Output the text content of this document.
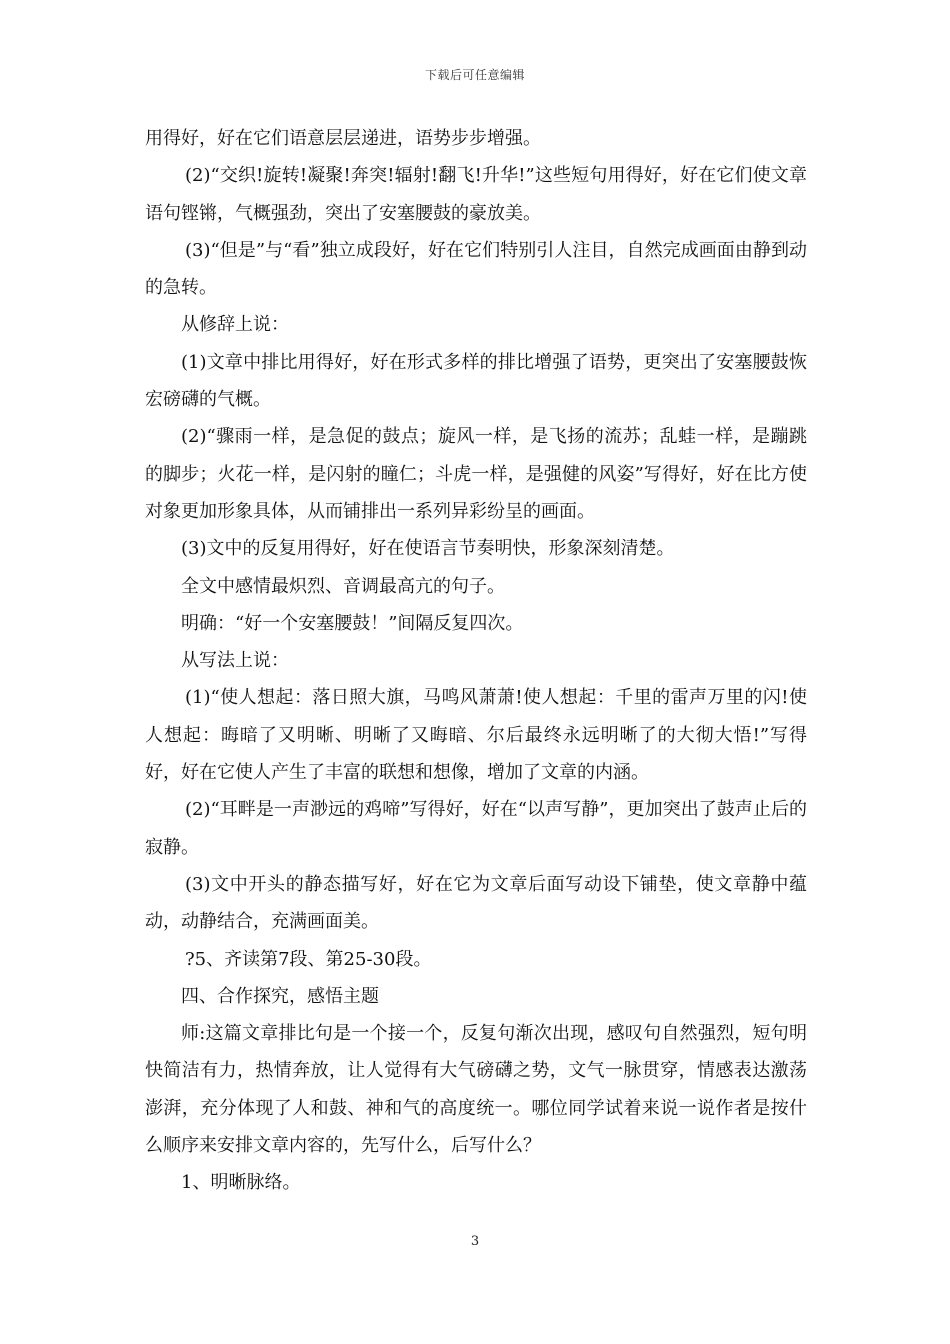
下载后可任意编辑

用得好，好在它们语意层层递进，语势步步增强。

(2)“交织!旋转!凝聚!奔突!辐射!翻飞!升华!”这些短句用得好，好在它们使文章语句铿锵，气概强劲，突出了安塞腰鼓的豪放美。

(3)“但是”与“看”独立成段好，好在它们特别引人注目，自然完成画面由静到动的急转。

从修辞上说：

(1)文章中排比用得好，好在形式多样的排比增强了语势，更突出了安塞腰鼓恢宏磅礴的气概。

(2)“骤雨一样，是急促的鼓点；旋风一样，是飞扬的流苏；乱蛙一样，是蹦跳的脚步；火花一样，是闪射的瞳仁；斗虎一样，是强健的风姿”写得好，好在比方使对象更加形象具体，从而铺排出一系列异彩纷呈的画面。

(3)文中的反复用得好，好在使语言节奏明快，形象深刻清楚。

全文中感情最炽烈、音调最高亢的句子。

明确：“好一个安塞腰鼓！”间隔反复四次。

从写法上说：

(1)“使人想起：落日照大旗，马鸣风萧萧!使人想起：千里的雷声万里的闪!使人想起：晦暗了又明晰、明晰了又晦暗、尔后最终永远明晰了的大彻大悟!”写得好，好在它使人产生了丰富的联想和想像，增加了文章的内涵。

(2)“耳畔是一声渺远的鸡啼”写得好，好在“以声写静”，更加突出了鼓声止后的寂静。

(3)文中开头的静态描写好，好在它为文章后面写动设下铺垫，使文章静中蕴动，动静结合，充满画面美。

?5、齐读第7段、第25-30段。

四、合作探究，感悟主题

师:这篇文章排比句是一个接一个，反复句渐次出现，感叹句自然强烈，短句明快简洁有力，热情奔放，让人觉得有大气磅礴之势，文气一脉贯穿，情感表达激荡澎湃，充分体现了人和鼓、神和气的高度统一。哪位同学试着来说一说作者是按什么顺序来安排文章内容的，先写什么，后写什么？

1、明晰脉络。

3
